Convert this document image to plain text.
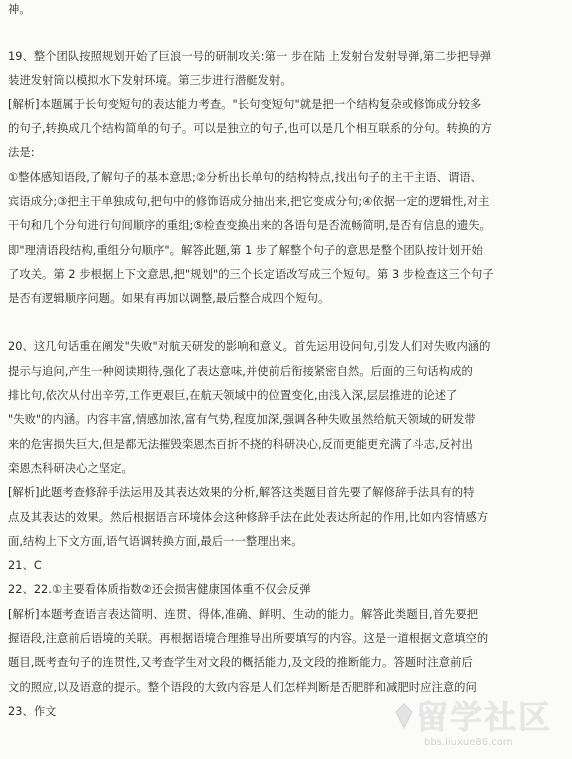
神。
19、整个团队按照规划开始了巨浪一号的研制攻关:第一 步在陆 上发射台发射导弹,第二步把导弹
装进发射筒以模拟水下发射环境。第三步进行潜艇发射。
[解析]本题属于长句变短句的表达能力考查。"长句变短句"就是把一个结构复杂或修饰成分较多
的句子,转换成几个结构简单的句子。可以是独立的句子,也可以是几个相互联系的分句。转换的方
法是:
①整体感知语段,了解句子的基本意思;②分析出长单句的结构特点,找出句子的主干主语、谓语、
宾语成分;③把主干单独成句,把句中的修饰语成分抽出来,把它变成分句;④依据一定的逻辑性,对主
干句和几个分句进行句间顺序的重组;⑤检查变换出来的各语句是否流畅简明,是否有信息的遗失。
即"理清语段结构,重组分句顺序"。解答此题,第 1 步了解整个句子的意思是整个团队按计划开始
了攻关。第 2 步根据上下文意思,把"规划"的三个长定语改写成三个短句。第 3 步检查这三个句子
是否有逻辑顺序问题。如果有再加以调整,最后整合成四个短句。
20、这几句话重在阐发"失败"对航天研发的影响和意义。首先运用设问句,引发人们对失败内涵的
提示与追问,产生一种阅读期待,强化了表达意味,并使前后衔接紧密自然。后面的三句话构成的
排比句,依次从付出辛劳,工作更艰巨,在航天领域中的位置变化,由浅入深,层层推进的论述了
"失败"的内涵。内容丰富,情感加浓,富有气势,程度加深,强调各种失败虽然给航天领域的研发带
来的危害损失巨大,但是都无法摧毁栾恩杰百折不挠的科研决心,反而更能更充满了斗志,反衬出
栾恩杰科研决心之坚定。
[解析]此题考查修辞手法运用及其表达效果的分析,解答这类题目首先要了解修辞手法具有的特
点及其表达的效果。然后根据语言环境体会这种修辞手法在此处表达所起的作用,比如内容情感方
面,结构上下文方面,语气语调转换方面,最后一一整理出来。
21、C
22、22.①主要看体质指数②还会损害健康国体重不仅会反弹
[解析]本题考查语言表达简明、连贯、得体,准确、鲜明、生动的能力。解答此类题目,首先要把
握语段,注意前后语境的关联。再根据语境合理推导出所要填写的内容。这是一道根据文意填空的
题目,既考查句子的连贯性,又考查学生对文段的概括能力,及文段的推断能力。答题时注意前后
文的照应,以及语意的提示。整个语段的大致内容是人们怎样判断是否肥胖和减肥时应注意的问
23、作文	留学社区
bbs.liuxue86.com
